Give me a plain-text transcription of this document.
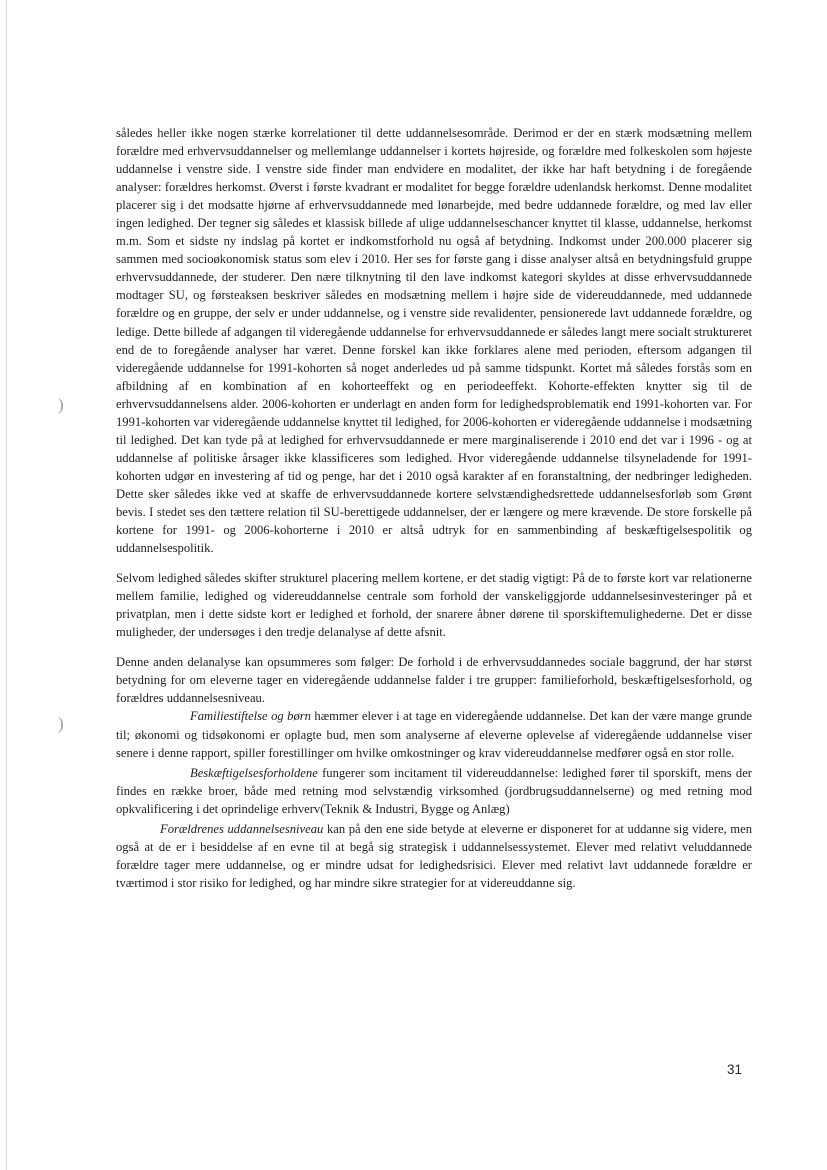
)
)

således heller ikke nogen stærke korrelationer til dette uddannelsesområde. Derimod er der en stærk modsætning mellem forældre med erhvervsuddannelser og mellemlange uddannelser i kortets højreside, og forældre med folkeskolen som højeste uddannelse i venstre side. I venstre side finder man endvidere en modalitet, der ikke har haft betydning i de foregående analyser: forældres herkomst. Øverst i første kvadrant er modalitet for begge forældre udenlandsk herkomst. Denne modalitet placerer sig i det modsatte hjørne af erhvervsuddannede med lønarbejde, med bedre uddannede forældre, og med lav eller ingen ledighed. Der tegner sig således et klassisk billede af ulige uddannelseschancer knyttet til klasse, uddannelse, herkomst m.m. Som et sidste ny indslag på kortet er indkomstforhold nu også af betydning. Indkomst under 200.000 placerer sig sammen med socioøkonomisk status som elev i 2010. Her ses for første gang i disse analyser altså en betydningsfuld gruppe erhvervsuddannede, der studerer. Den nære tilknytning til den lave indkomst kategori skyldes at disse erhvervsuddannede modtager SU, og førsteaksen beskriver således en modsætning mellem i højre side de videreuddannede, med uddannede forældre og en gruppe, der selv er under uddannelse, og i venstre side revalidenter, pensionerede lavt uddannede forældre, og ledige. Dette billede af adgangen til videregående uddannelse for erhvervsuddannede er således langt mere socialt struktureret end de to foregående analyser har været. Denne forskel kan ikke forklares alene med perioden, eftersom adgangen til videregående uddannelse for 1991-kohorten så noget anderledes ud på samme tidspunkt. Kortet må således forstås som en afbildning af en kombination af en kohorteeffekt og en periodeeffekt. Kohorte-effekten knytter sig til de erhvervsuddannelsens alder. 2006-kohorten er underlagt en anden form for ledighedsproblematik end 1991-kohorten var. For 1991-kohorten var videregående uddannelse knyttet til ledighed, for 2006-kohorten er videregående uddannelse i modsætning til ledighed. Det kan tyde på at ledighed for erhvervsuddannede er mere marginaliserende i 2010 end det var i 1996 - og at uddannelse af politiske årsager ikke klassificeres som ledighed. Hvor videregående uddannelse tilsyneladende for 1991-kohorten udgør en investering af tid og penge, har det i 2010 også karakter af en foranstaltning, der nedbringer ledigheden. Dette sker således ikke ved at skaffe de erhvervsuddannede kortere selvstændighedsrettede uddannelsesforløb som Grønt bevis. I stedet ses den tættere relation til SU-berettigede uddannelser, der er længere og mere krævende. De store forskelle på kortene for 1991- og 2006-kohorterne i 2010 er altså udtryk for en sammenbinding af beskæftigelsespolitik og uddannelsespolitik.

Selvom ledighed således skifter strukturel placering mellem kortene, er det stadig vigtigt: På de to første kort var relationerne mellem familie, ledighed og videreuddannelse centrale som forhold der vanskeliggjorde uddannelsesinvesteringer på et privatplan, men i dette sidste kort er ledighed et forhold, der snarere åbner dørene til sporskiftemulighederne. Det er disse muligheder, der undersøges i den tredje delanalyse af dette afsnit.

Denne anden delanalyse kan opsummeres som følger: De forhold i de erhvervsuddannedes sociale baggrund, der har størst betydning for om eleverne tager en videregående uddannelse falder i tre grupper: familieforhold, beskæftigelsesforhold, og forældres uddannelsesniveau.

Familiestiftelse og børn hæmmer elever i at tage en videregående uddannelse. Det kan der være mange grunde til; økonomi og tidsøkonomi er oplagte bud, men som analyserne af eleverne oplevelse af videregående uddannelse viser senere i denne rapport, spiller forestillinger om hvilke omkostninger og krav videreuddannelse medfører også en stor rolle.

Beskæftigelsesforholdene fungerer som incitament til videreuddannelse: ledighed fører til sporskift, mens der findes en række broer, både med retning mod selvstændig virksomhed (jordbrugsuddannelserne) og med retning mod opkvalificering i det oprindelige erhverv(Teknik & Industri, Bygge og Anlæg)

Forældrenes uddannelsesniveau kan på den ene side betyde at eleverne er disponeret for at uddanne sig videre, men også at de er i besiddelse af en evne til at begå sig strategisk i uddannelsessystemet. Elever med relativt veluddannede forældre tager mere uddannelse, og er mindre udsat for ledighedsrisici. Elever med relativt lavt uddannede forældre er tværtimod i stor risiko for ledighed, og har mindre sikre strategier for at videreuddanne sig.

31
